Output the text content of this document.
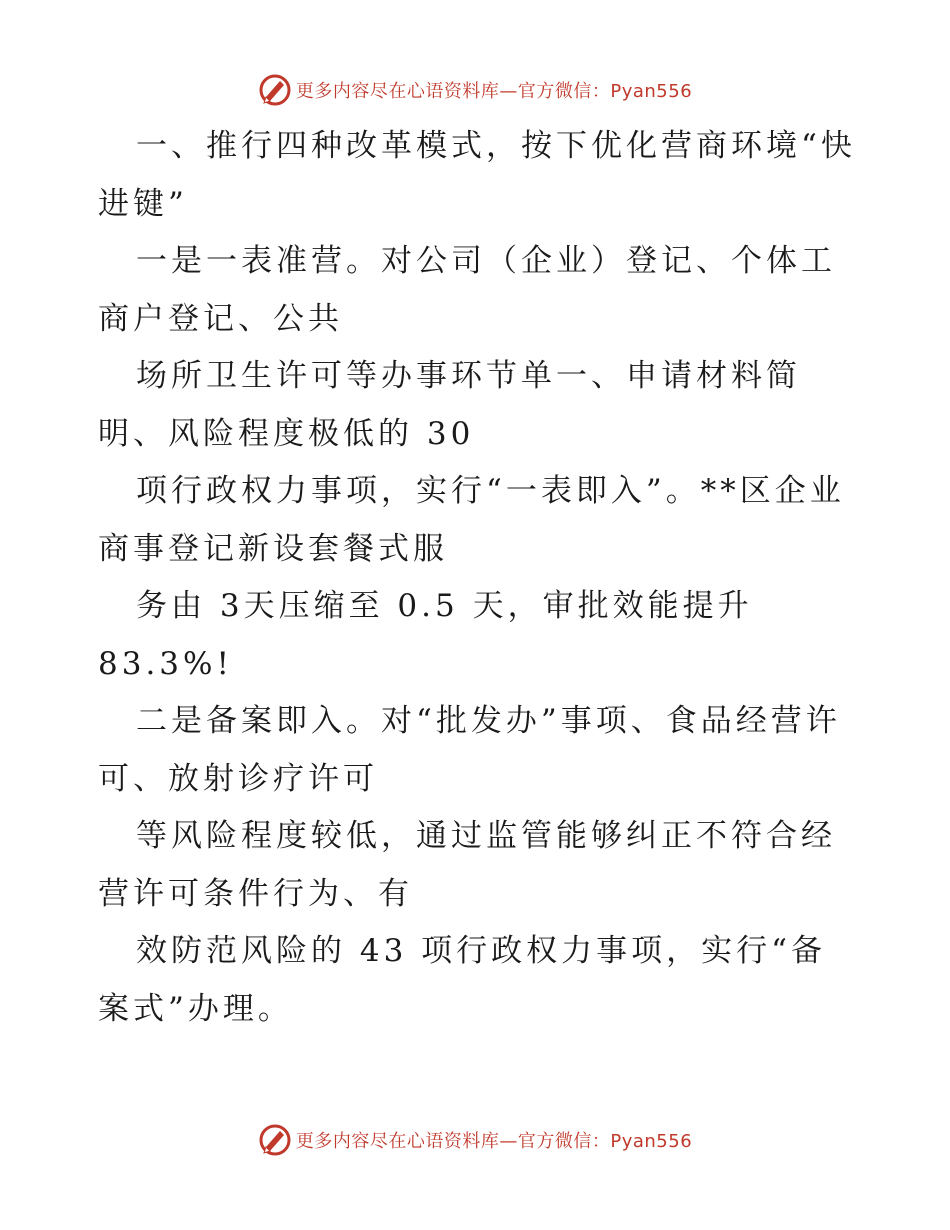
更多内容尽在心语资料库—官方微信：Pyan556

一、推行四种改革模式，按下优化营商环境“快进键”

一是一表准营。对公司（企业）登记、个体工商户登记、公共

场所卫生许可等办事环节单一、申请材料简明、风险程度极低的 30

项行政权力事项，实行“一表即入”。**区企业商事登记新设套餐式服

务由 3天压缩至 0.5 天，审批效能提升

83.3%!

二是备案即入。对“批发办”事项、食品经营许可、放射诊疗许可

等风险程度较低，通过监管能够纠正不符合经营许可条件行为、有

效防范风险的 43 项行政权力事项，实行“备案式”办理。

更多内容尽在心语资料库—官方微信：Pyan556
